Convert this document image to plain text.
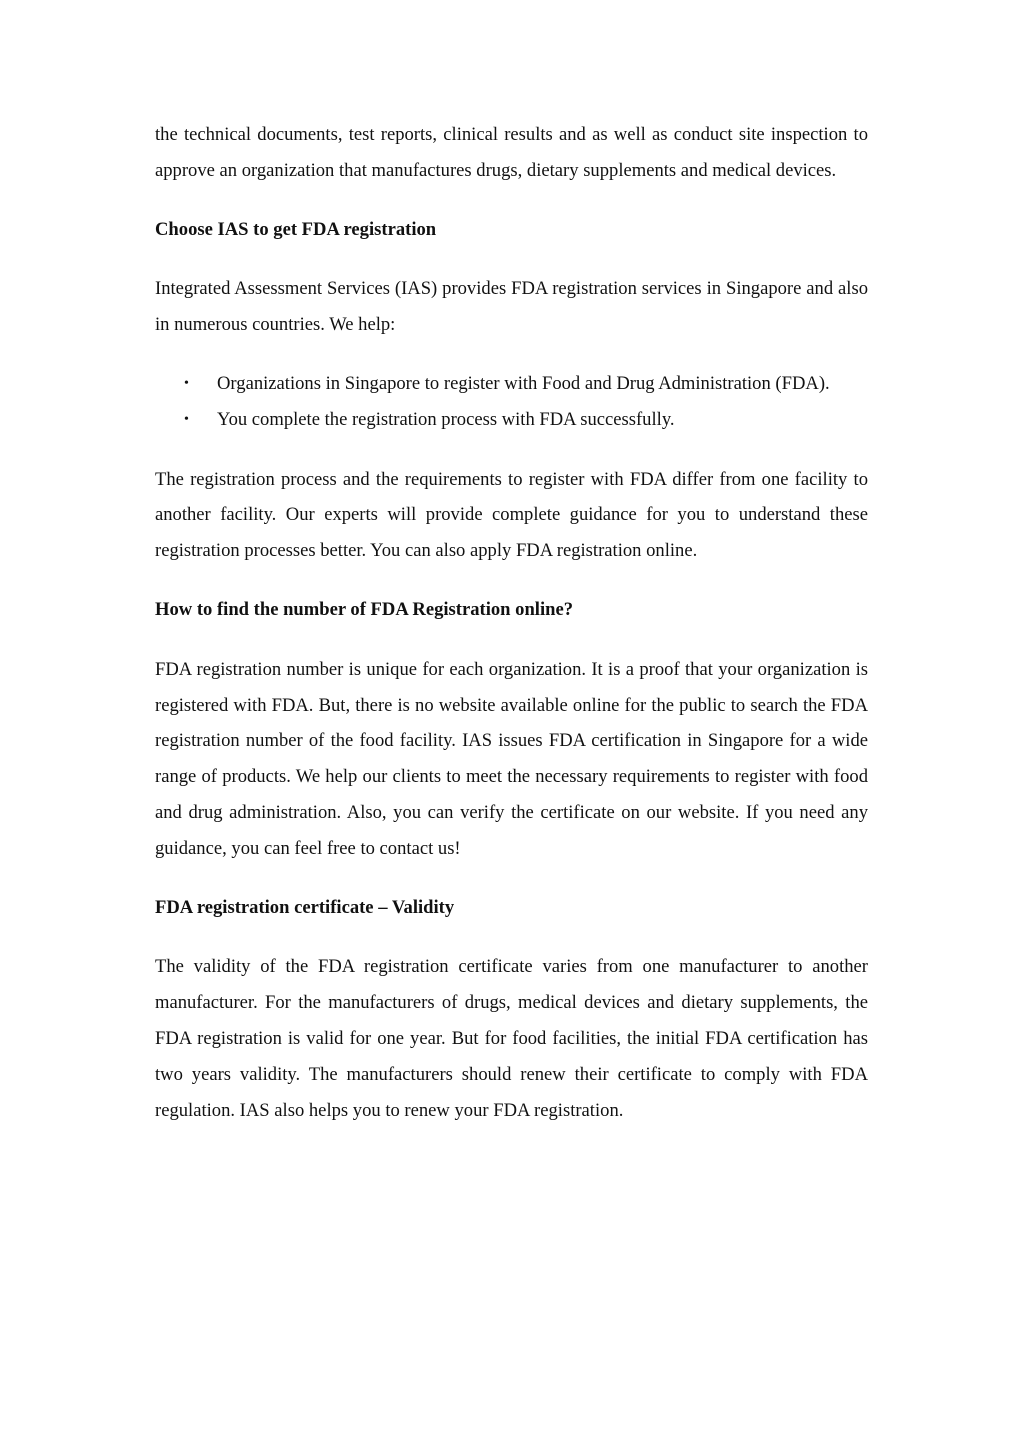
the technical documents, test reports, clinical results and as well as conduct site inspection to approve an organization that manufactures drugs, dietary supplements and medical devices.

Choose IAS to get FDA registration

Integrated Assessment Services (IAS) provides FDA registration services in Singapore and also in numerous countries. We help:

• Organizations in Singapore to register with Food and Drug Administration (FDA).
• You complete the registration process with FDA successfully.

The registration process and the requirements to register with FDA differ from one facility to another facility. Our experts will provide complete guidance for you to understand these registration processes better. You can also apply FDA registration online.

How to find the number of FDA Registration online?

FDA registration number is unique for each organization. It is a proof that your organization is registered with FDA. But, there is no website available online for the public to search the FDA registration number of the food facility. IAS issues FDA certification in Singapore for a wide range of products. We help our clients to meet the necessary requirements to register with food and drug administration. Also, you can verify the certificate on our website. If you need any guidance, you can feel free to contact us!

FDA registration certificate – Validity

The validity of the FDA registration certificate varies from one manufacturer to another manufacturer. For the manufacturers of drugs, medical devices and dietary supplements, the FDA registration is valid for one year. But for food facilities, the initial FDA certification has two years validity. The manufacturers should renew their certificate to comply with FDA regulation. IAS also helps you to renew your FDA registration.
